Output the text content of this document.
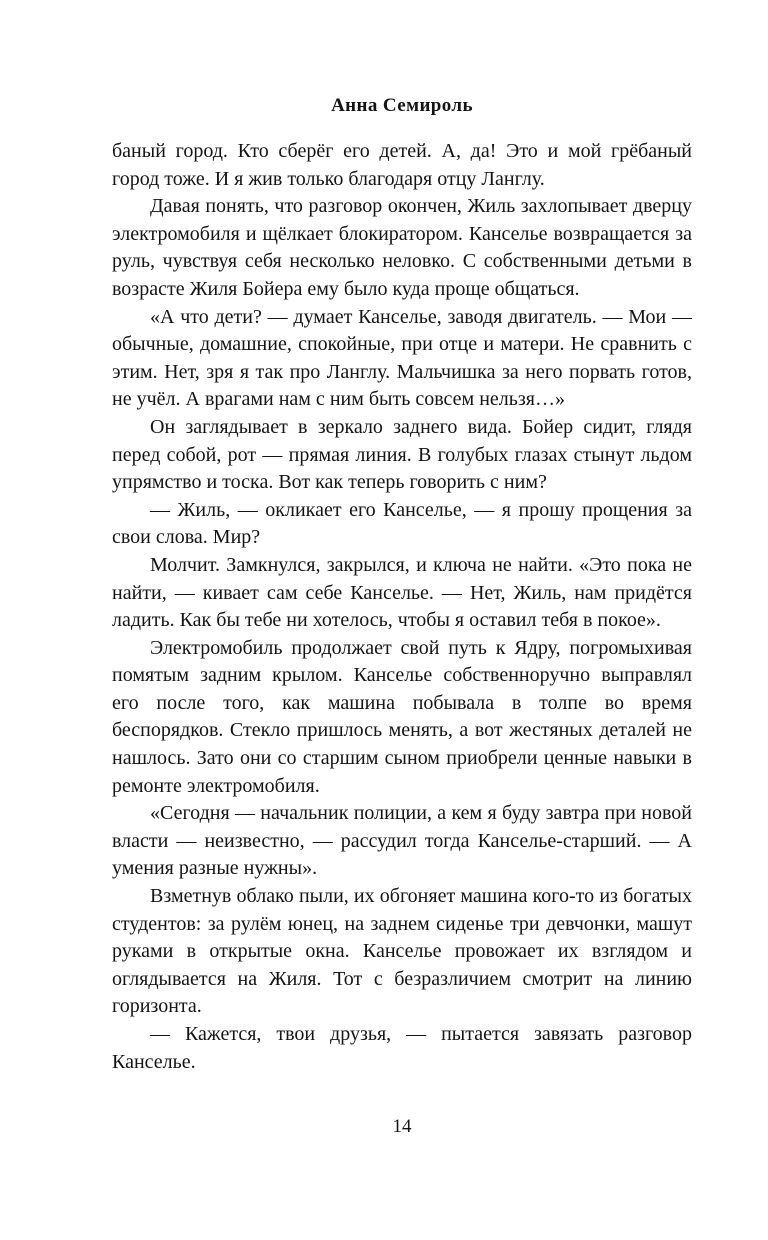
Анна Семироль

баный город. Кто сберёг его детей. А, да! Это и мой грёбаный город тоже. И я жив только благодаря отцу Ланглу.

Давая понять, что разговор окончен, Жиль захлопывает дверцу электромобиля и щёлкает блокиратором. Канселье возвращается за руль, чувствуя себя несколько неловко. С собственными детьми в возрасте Жиля Бойера ему было куда проще общаться.

«А что дети? — думает Канселье, заводя двигатель. — Мои — обычные, домашние, спокойные, при отце и матери. Не сравнить с этим. Нет, зря я так про Ланглу. Мальчишка за него порвать готов, не учёл. А врагами нам с ним быть совсем нельзя…»

Он заглядывает в зеркало заднего вида. Бойер сидит, глядя перед собой, рот — прямая линия. В голубых глазах стынут льдом упрямство и тоска. Вот как теперь говорить с ним?

— Жиль, — окликает его Канселье, — я прошу прощения за свои слова. Мир?

Молчит. Замкнулся, закрылся, и ключа не найти. «Это пока не найти, — кивает сам себе Канселье. — Нет, Жиль, нам придётся ладить. Как бы тебе ни хотелось, чтобы я оставил тебя в покое».

Электромобиль продолжает свой путь к Ядру, погромыхивая помятым задним крылом. Канселье собственноручно выправлял его после того, как машина побывала в толпе во время беспорядков. Стекло пришлось менять, а вот жестяных деталей не нашлось. Зато они со старшим сыном приобрели ценные навыки в ремонте электромобиля.

«Сегодня — начальник полиции, а кем я буду завтра при новой власти — неизвестно, — рассудил тогда Канселье-старший. — А умения разные нужны».

Взметнув облако пыли, их обгоняет машина кого-то из богатых студентов: за рулём юнец, на заднем сиденье три девчонки, машут руками в открытые окна. Канселье провожает их взглядом и оглядывается на Жиля. Тот с безразличием смотрит на линию горизонта.

— Кажется, твои друзья, — пытается завязать разговор Канселье.

14
